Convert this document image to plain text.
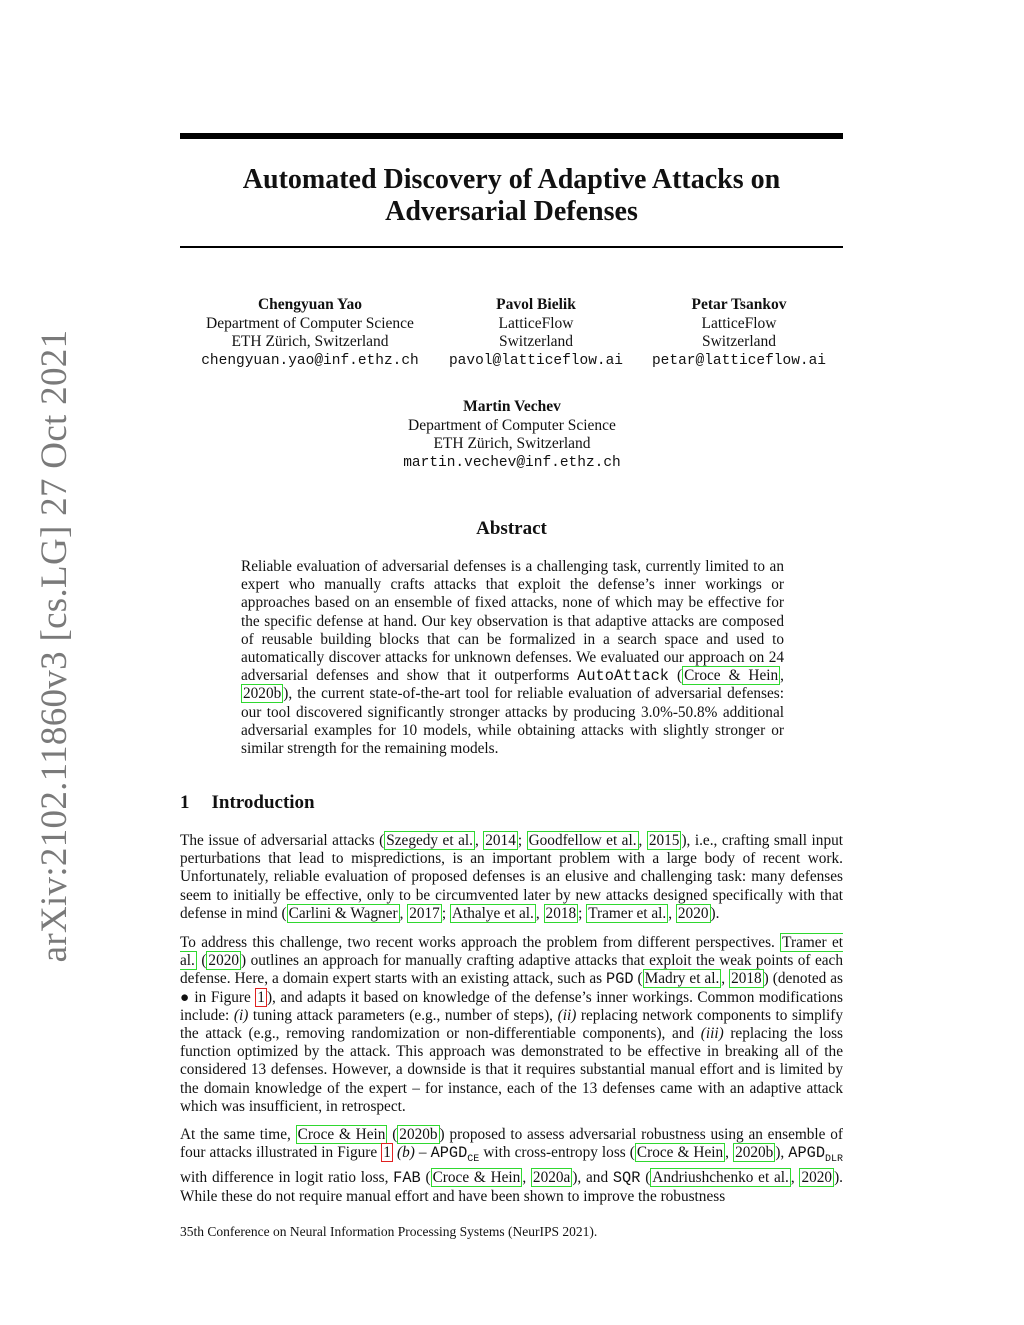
arXiv:2102.11860v3 [cs.LG] 27 Oct 2021
Automated Discovery of Adaptive Attacks on Adversarial Defenses
Chengyuan Yao
Department of Computer Science
ETH Zürich, Switzerland
chengyuan.yao@inf.ethz.ch
Pavol Bielik
LatticeFlow
Switzerland
pavol@latticeflow.ai
Petar Tsankov
LatticeFlow
Switzerland
petar@latticeflow.ai
Martin Vechev
Department of Computer Science
ETH Zürich, Switzerland
martin.vechev@inf.ethz.ch
Abstract
Reliable evaluation of adversarial defenses is a challenging task, currently limited to an expert who manually crafts attacks that exploit the defense’s inner workings or approaches based on an ensemble of fixed attacks, none of which may be effective for the specific defense at hand. Our key observation is that adaptive attacks are composed of reusable building blocks that can be formalized in a search space and used to automatically discover attacks for unknown defenses. We evaluated our approach on 24 adversarial defenses and show that it outperforms AutoAttack ( Croce & Hein , 2020b ), the current state-of-the-art tool for reliable evaluation of adversarial defenses: our tool discovered significantly stronger attacks by producing 3.0%-50.8% additional adversarial examples for 10 models, while obtaining attacks with slightly stronger or similar strength for the remaining models.
1 Introduction
The issue of adversarial attacks ( Szegedy et al. , 2014 ; Goodfellow et al. , 2015 ), i.e., crafting small input perturbations that lead to mispredictions, is an important problem with a large body of recent work. Unfortunately, reliable evaluation of proposed defenses is an elusive and challenging task: many defenses seem to initially be effective, only to be circumvented later by new attacks designed specifically with that defense in mind ( Carlini & Wagner , 2017 ; Athalye et al. , 2018 ; Tramer et al. , 2020 ).
To address this challenge, two recent works approach the problem from different perspectives. Tramer et al. ( 2020 ) outlines an approach for manually crafting adaptive attacks that exploit the weak points of each defense. Here, a domain expert starts with an existing attack, such as PGD ( Madry et al. , 2018 ) (denoted as ● in Figure 1 ), and adapts it based on knowledge of the defense’s inner workings. Common modifications include: (i) tuning attack parameters (e.g., number of steps), (ii) replacing network components to simplify the attack (e.g., removing randomization or non-differentiable components), and (iii) replacing the loss function optimized by the attack. This approach was demonstrated to be effective in breaking all of the considered 13 defenses. However, a downside is that it requires substantial manual effort and is limited by the domain knowledge of the expert – for instance, each of the 13 defenses came with an adaptive attack which was insufficient, in retrospect.
At the same time, Croce & Hein ( 2020b ) proposed to assess adversarial robustness using an ensemble of four attacks illustrated in Figure 1 $(b) - APGD_{CE}$ with cross-entropy loss ( Croce & Hein , 2020b ), $APGD_{DLR}$ with difference in logit ratio loss, FAB ( Croce & Hein , 2020a ), and SQR ( Andriushchenko et al. , 2020 ). While these do not require manual effort and have been shown to improve the robustness
35th Conference on Neural Information Processing Systems (NeurIPS 2021).
